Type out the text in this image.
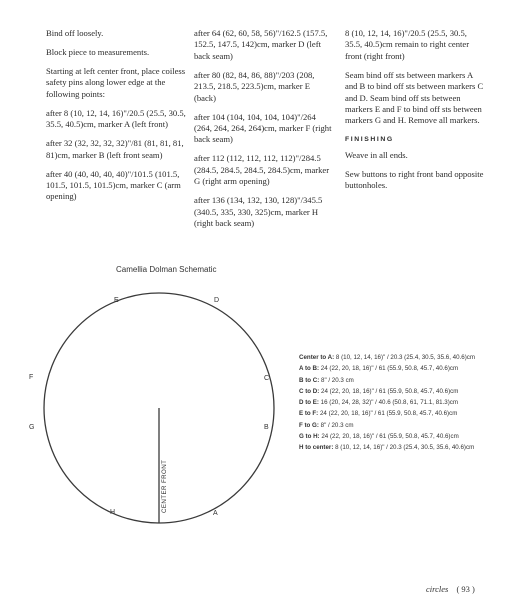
Bind off loosely.

Block piece to measurements.

Starting at left center front, place coiless safety pins along lower edge at the following points:

after 8 (10, 12, 14, 16)"/20.5 (25.5, 30.5, 35.5, 40.5)cm, marker A (left front)

after 32 (32, 32, 32, 32)"/81 (81, 81, 81, 81)cm, marker B (left front seam)

after 40 (40, 40, 40, 40)"/101.5 (101.5, 101.5, 101.5, 101.5)cm, marker C (arm opening)

after 64 (62, 60, 58, 56)"/162.5 (157.5, 152.5, 147.5, 142)cm, marker D (left back seam)

after 80 (82, 84, 86, 88)"/203 (208, 213.5, 218.5, 223.5)cm, marker E (back)

after 104 (104, 104, 104, 104)"/264 (264, 264, 264, 264)cm, marker F (right back seam)

after 112 (112, 112, 112, 112)"/284.5 (284.5, 284.5, 284.5, 284.5)cm, marker G (right arm opening)

after 136 (134, 132, 130, 128)"/345.5 (340.5, 335, 330, 325)cm, marker H (right back seam)

8 (10, 12, 14, 16)"/20.5 (25.5, 30.5, 35.5, 40.5)cm remain to right center front (right front)

Seam bind off sts between markers A and B to bind off sts between markers C and D. Seam bind off sts between markers E and F to bind off sts between markers G and H. Remove all markers.

FINISHING

Weave in all ends.

Sew buttons to right front band opposite buttonholes.

Camellia Dolman Schematic
E	D
F	C
G	B
H	A
CENTER FRONT
Center to A: 8 (10, 12, 14, 16)" / 20.3 (25.4, 30.5, 35.6, 40.6)cm
A to B: 24 (22, 20, 18, 16)" / 61 (55.9, 50.8, 45.7, 40.6)cm
B to C: 8" / 20.3 cm
C to D: 24 (22, 20, 18, 16)" / 61 (55.9, 50.8, 45.7, 40.6)cm
D to E: 16 (20, 24, 28, 32)" / 40.6 (50.8, 61, 71.1, 81.3)cm
E to F: 24 (22, 20, 18, 16)" / 61 (55.9, 50.8, 45.7, 40.6)cm
F to G: 8" / 20.3 cm
G to H: 24 (22, 20, 18, 16)" / 61 (55.9, 50.8, 45.7, 40.6)cm
H to center: 8 (10, 12, 14, 16)" / 20.3 (25.4, 30.5, 35.6, 40.6)cm
circles ( 93 )
